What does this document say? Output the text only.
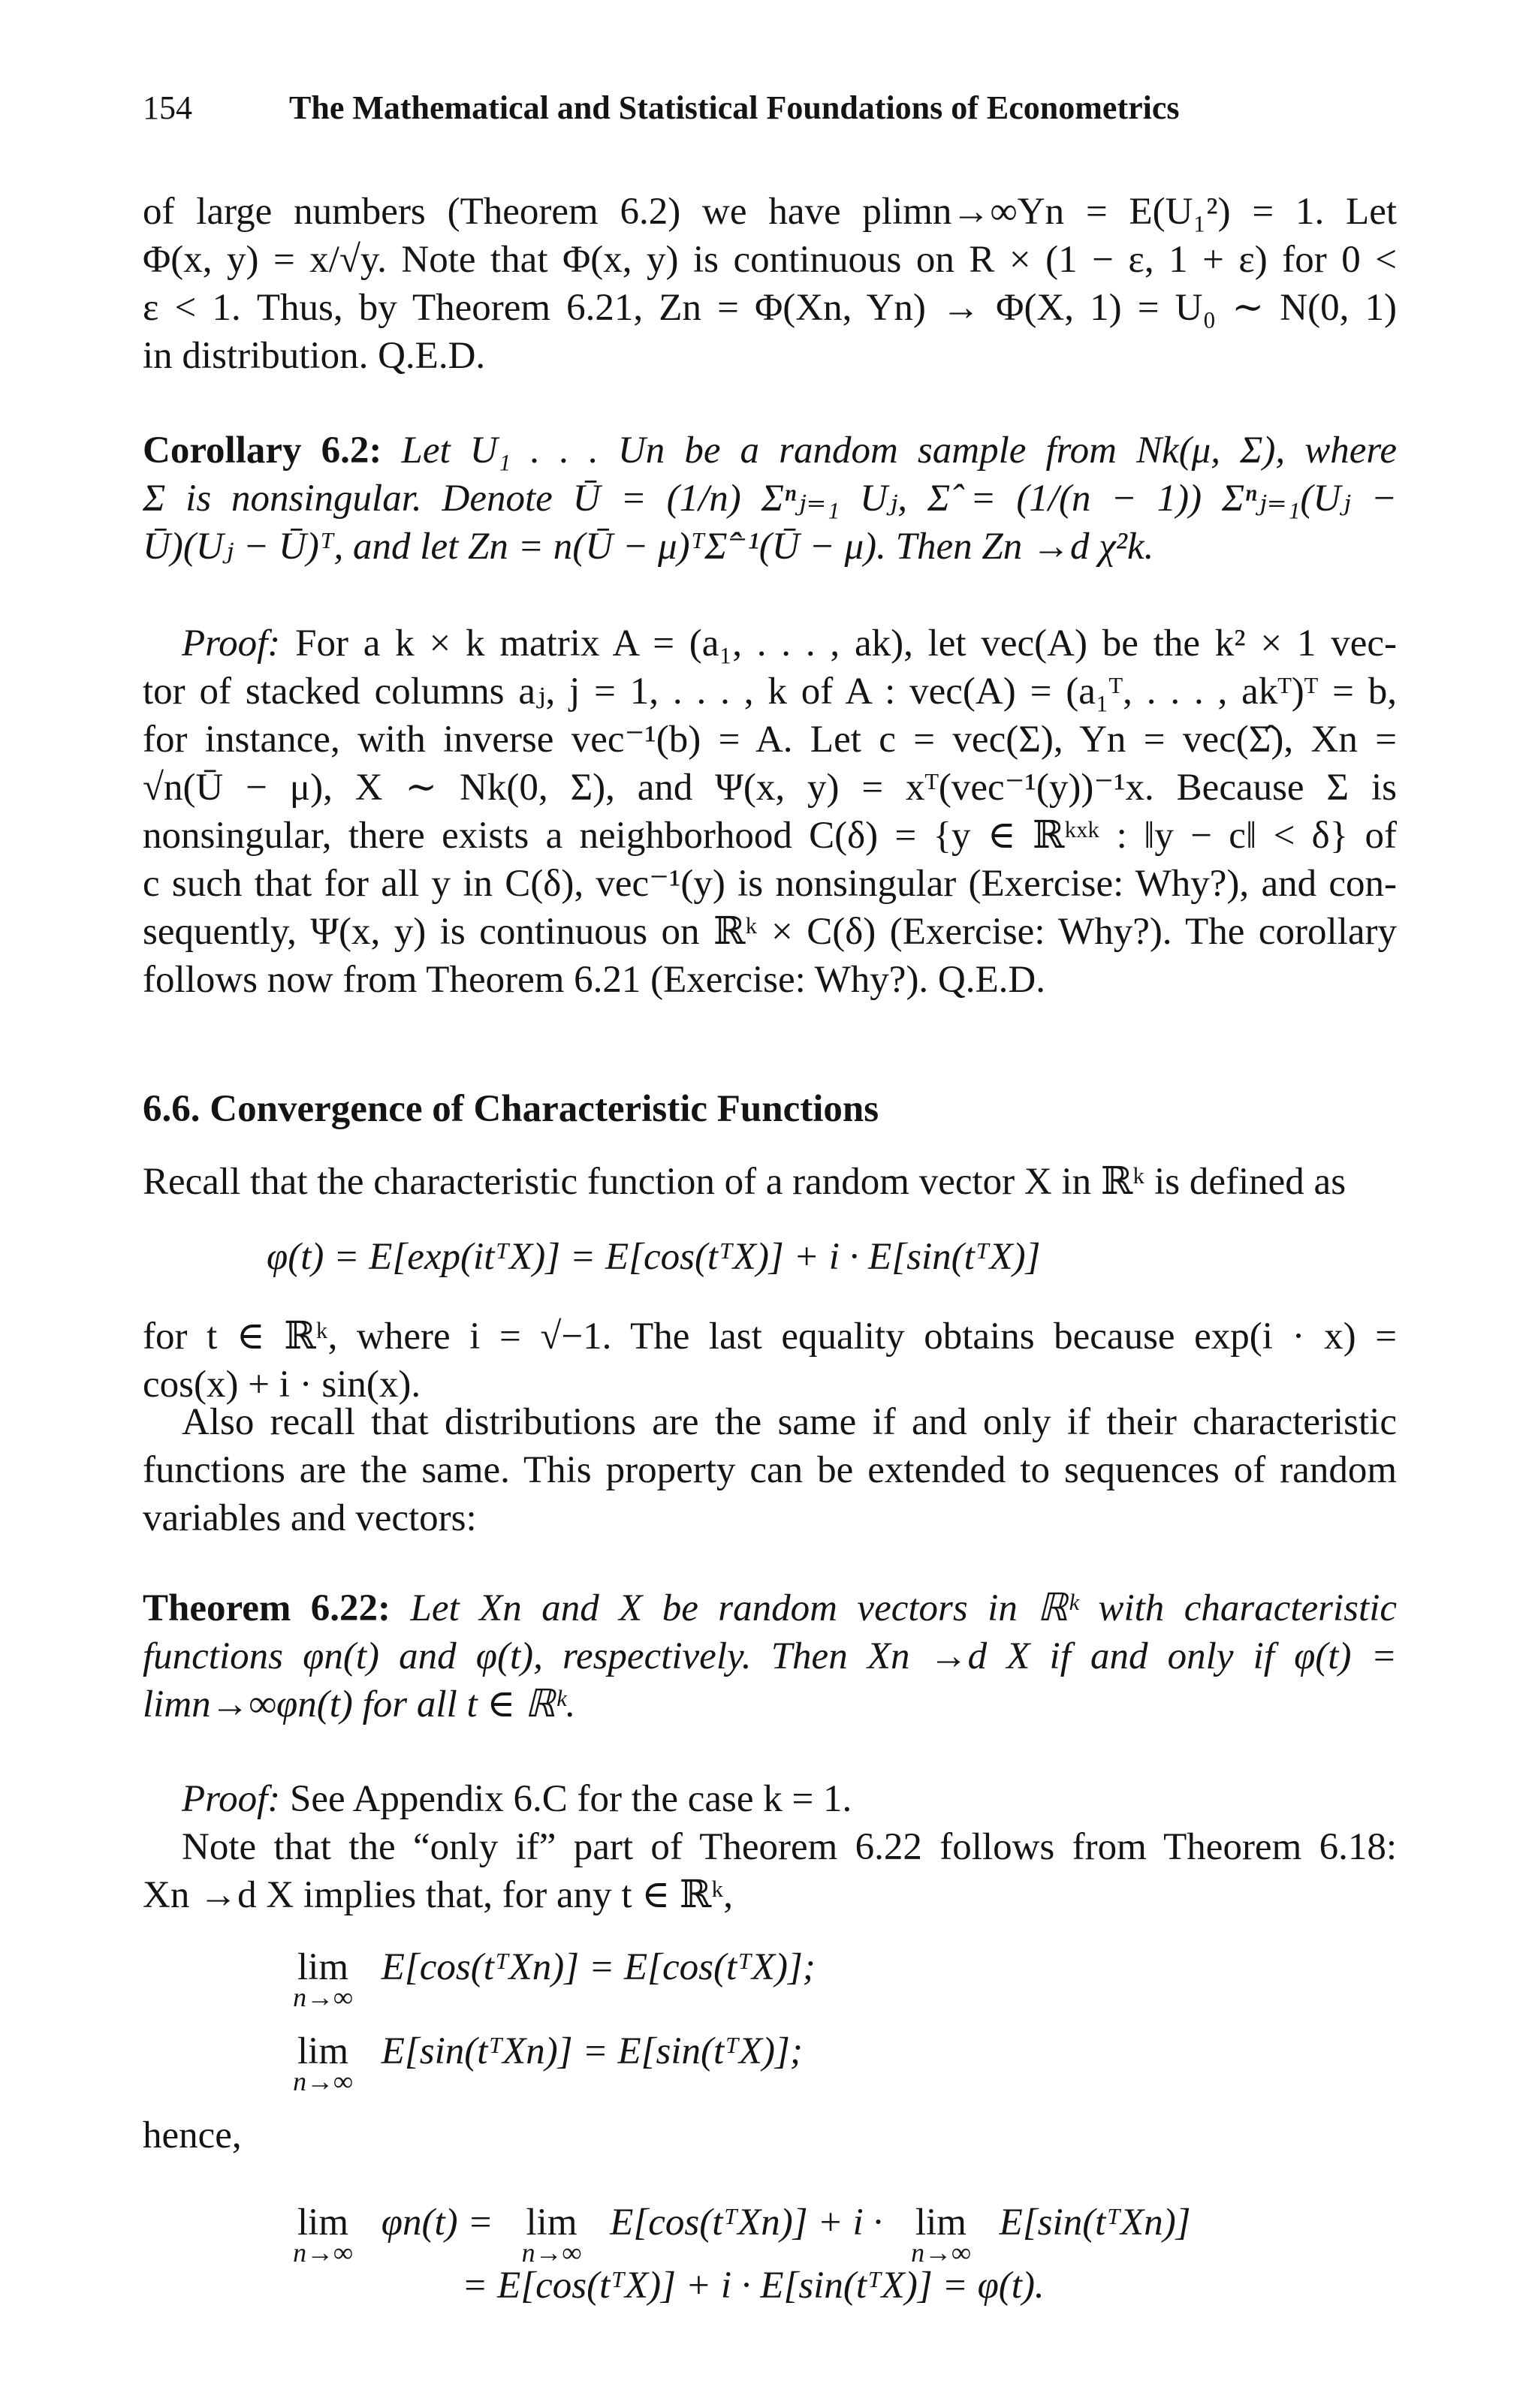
154	The Mathematical and Statistical Foundations of Econometrics
of large numbers (Theorem 6.2) we have plimn→∞Yn = E(U₁²) = 1. Let
Φ(x, y) = x/√y. Note that Φ(x, y) is continuous on R × (1 − ε, 1 + ε) for 0 <
ε < 1. Thus, by Theorem 6.21, Zn = Φ(Xn, Yn) → Φ(X, 1) = U₀ ∼ N(0, 1)
in distribution. Q.E.D.
Corollary 6.2: Let U₁ . . . Un be a random sample from Nk(μ, Σ), where
Σ is nonsingular. Denote Ū = (1/n) Σⁿⱼ₌₁ Uⱼ, Σ̂ = (1/(n − 1)) Σⁿⱼ₌₁(Uⱼ −
Ū)(Uⱼ − Ū)ᵀ, and let Zn = n(Ū − μ)ᵀΣ̂⁻¹(Ū − μ). Then Zn →d χ²k.
Proof: For a k × k matrix A = (a₁, . . . , ak), let vec(A) be the k² × 1 vec-
tor of stacked columns aⱼ, j = 1, . . . , k of A : vec(A) = (a₁ᵀ, . . . , akᵀ)ᵀ = b,
for instance, with inverse vec⁻¹(b) = A. Let c = vec(Σ), Yn = vec(Σ̂), Xn =
√n(Ū − μ), X ∼ Nk(0, Σ), and Ψ(x, y) = xᵀ(vec⁻¹(y))⁻¹x. Because Σ is
nonsingular, there exists a neighborhood C(δ) = {y ∈ ℝᵏˣᵏ : ‖y − c‖ < δ} of
c such that for all y in C(δ), vec⁻¹(y) is nonsingular (Exercise: Why?), and con-
sequently, Ψ(x, y) is continuous on ℝᵏ × C(δ) (Exercise: Why?). The corollary
follows now from Theorem 6.21 (Exercise: Why?). Q.E.D.
6.6. Convergence of Characteristic Functions
Recall that the characteristic function of a random vector X in ℝᵏ is defined as
φ(t) = E[exp(itᵀX)] = E[cos(tᵀX)] + i · E[sin(tᵀX)]
for t ∈ ℝᵏ, where i = √−1. The last equality obtains because exp(i · x) =
cos(x) + i · sin(x).
Also recall that distributions are the same if and only if their characteristic
functions are the same. This property can be extended to sequences of random
variables and vectors:
Theorem 6.22: Let Xn and X be random vectors in ℝᵏ with characteristic
functions φn(t) and φ(t), respectively. Then Xn →d X if and only if φ(t) =
limn→∞φn(t) for all t ∈ ℝᵏ.
Proof: See Appendix 6.C for the case k = 1.
Note that the “only if” part of Theorem 6.22 follows from Theorem 6.18:
Xn →d X implies that, for any t ∈ ℝᵏ,
lim
n→∞
E[cos(tᵀXn)] = E[cos(tᵀX)];
lim
n→∞
E[sin(tᵀXn)] = E[sin(tᵀX)];
hence,
lim
n→∞
φn(t) = lim
n→∞
E[cos(tᵀXn)] + i · lim
n→∞
E[sin(tᵀXn)]
= E[cos(tᵀX)] + i · E[sin(tᵀX)] = φ(t).
